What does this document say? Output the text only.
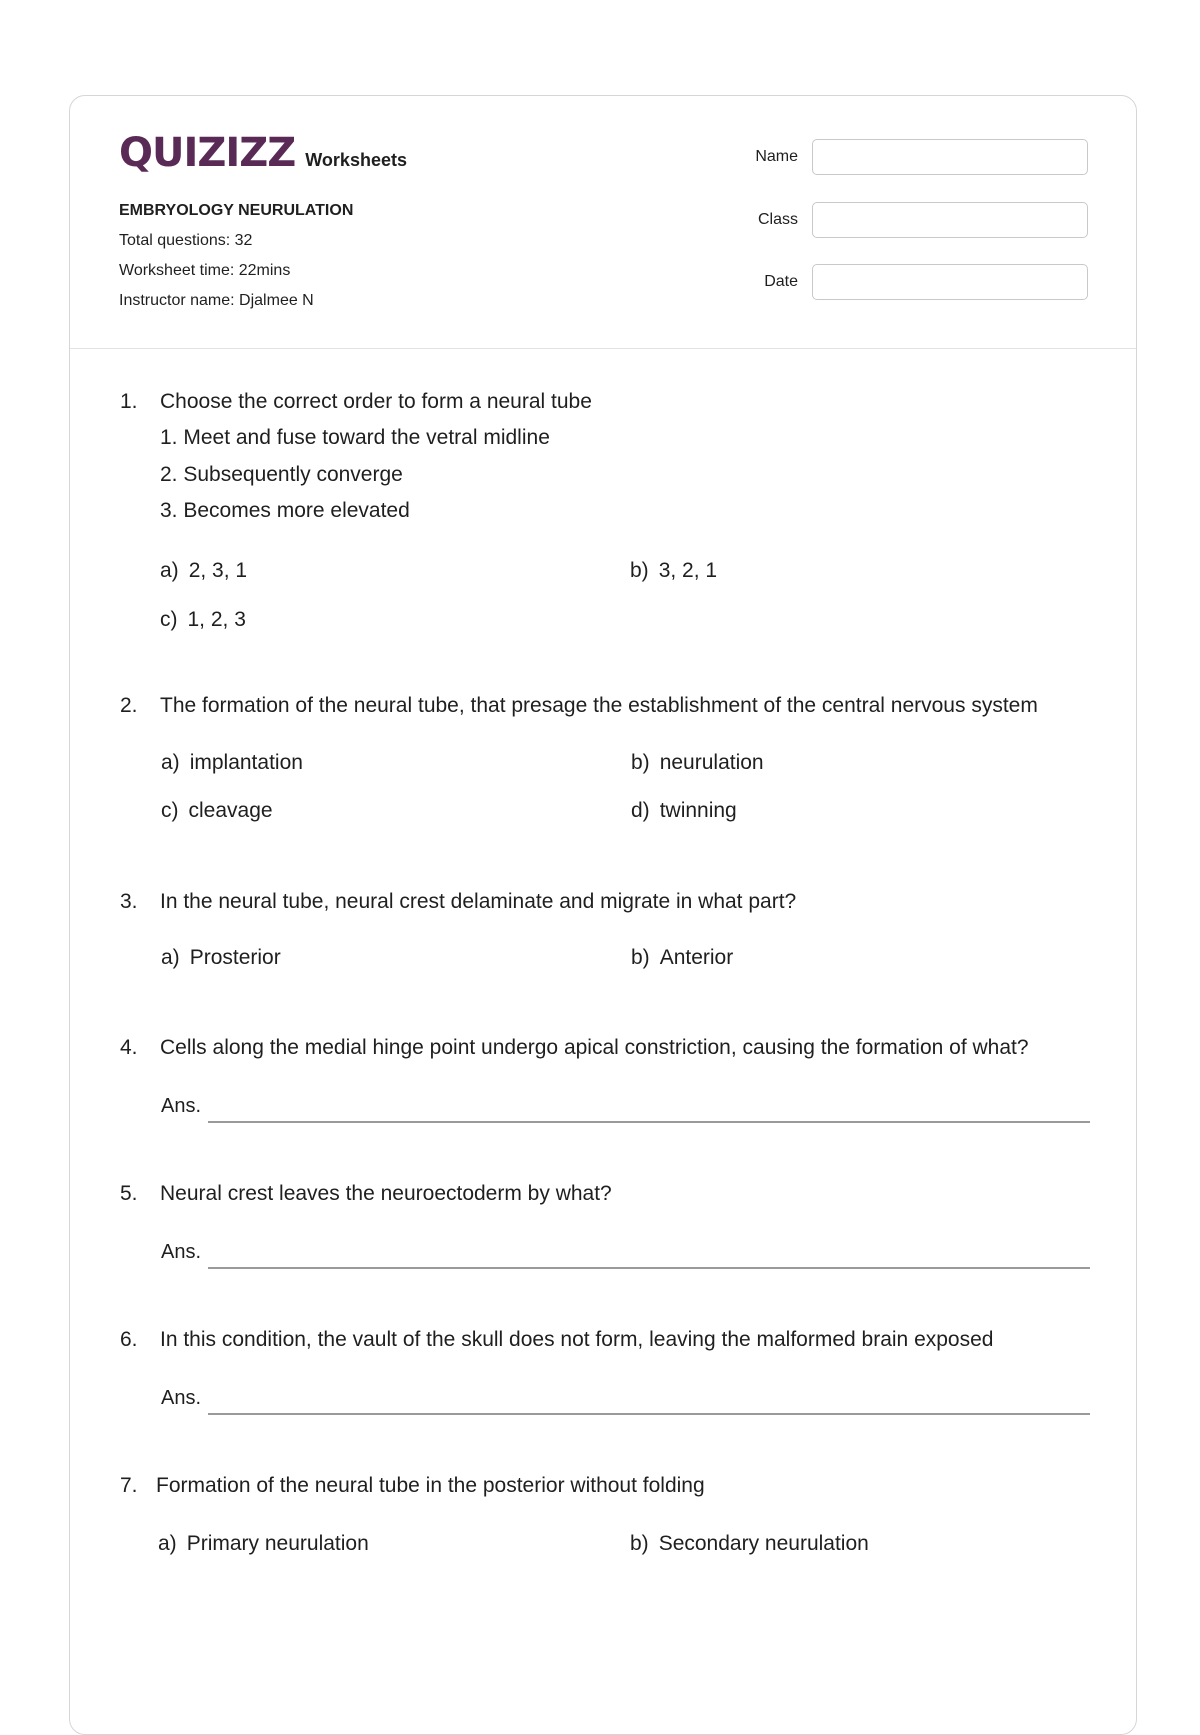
QUIZIZZ Worksheets
EMBRYOLOGY NEURULATION
Total questions: 32
Worksheet time: 22mins
Instructor name: Djalmee N
Name
Class
Date
1. Choose the correct order to form a neural tube
1. Meet and fuse toward the vetral midline
2. Subsequently converge
3. Becomes more elevated
a) 2, 3, 1	b) 3, 2, 1
c) 1, 2, 3
2. The formation of the neural tube, that presage the establishment of the central nervous system
a) implantation	b) neurulation
c) cleavage	d) twinning
3. In the neural tube, neural crest delaminate and migrate in what part?
a) Prosterior	b) Anterior
4. Cells along the medial hinge point undergo apical constriction, causing the formation of what?
Ans.
5. Neural crest leaves the neuroectoderm by what?
Ans.
6. In this condition, the vault of the skull does not form, leaving the malformed brain exposed
Ans.
7. Formation of the neural tube in the posterior without folding
a) Primary neurulation	b) Secondary neurulation
